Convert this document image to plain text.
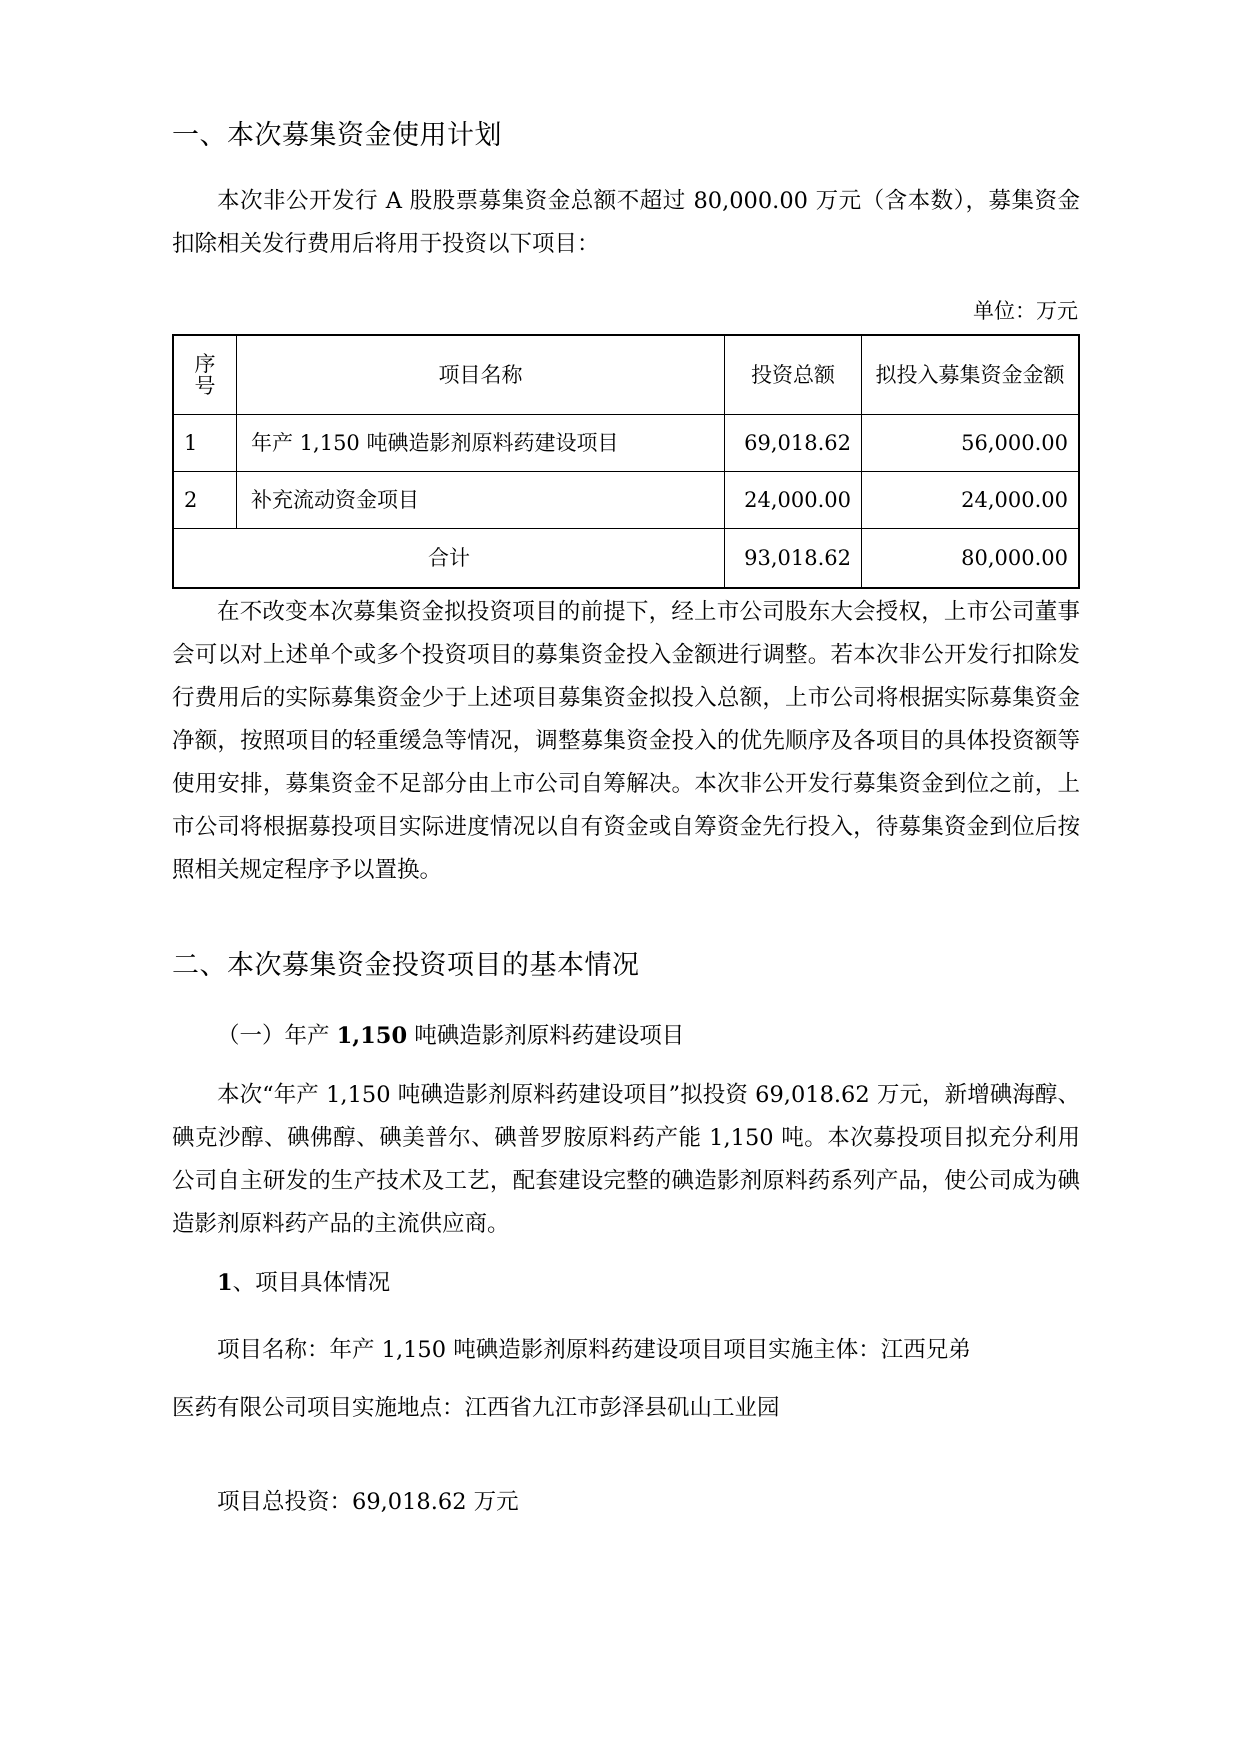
一、本次募集资金使用计划

本次非公开发行 A 股股票募集资金总额不超过 80,000.00 万元（含本数），募集资金扣除相关发行费用后将用于投资以下项目：

单位：万元
序
号	项目名称	投资总额	拟投入募集资金金额
1	年产 1,150 吨碘造影剂原料药建设项目	69,018.62	56,000.00
2	补充流动资金项目	24,000.00	24,000.00
合计		93,018.62	80,000.00

在不改变本次募集资金拟投资项目的前提下，经上市公司股东大会授权，上市公司董事会可以对上述单个或多个投资项目的募集资金投入金额进行调整。若本次非公开发行扣除发行费用后的实际募集资金少于上述项目募集资金拟投入总额，上市公司将根据实际募集资金净额，按照项目的轻重缓急等情况，调整募集资金投入的优先顺序及各项目的具体投资额等使用安排，募集资金不足部分由上市公司自筹解决。本次非公开发行募集资金到位之前，上市公司将根据募投项目实际进度情况以自有资金或自筹资金先行投入，待募集资金到位后按照相关规定程序予以置换。

二、本次募集资金投资项目的基本情况

（一）年产 1,150 吨碘造影剂原料药建设项目

本次“年产 1,150 吨碘造影剂原料药建设项目”拟投资 69,018.62 万元，新增碘海醇、碘克沙醇、碘佛醇、碘美普尔、碘普罗胺原料药产能 1,150 吨。本次募投项目拟充分利用公司自主研发的生产技术及工艺，配套建设完整的碘造影剂原料药系列产品，使公司成为碘造影剂原料药产品的主流供应商。

1、项目具体情况

项目名称：年产 1,150 吨碘造影剂原料药建设项目项目实施主体：江西兄弟

医药有限公司项目实施地点：江西省九江市彭泽县矶山工业园

项目总投资：69,018.62 万元
